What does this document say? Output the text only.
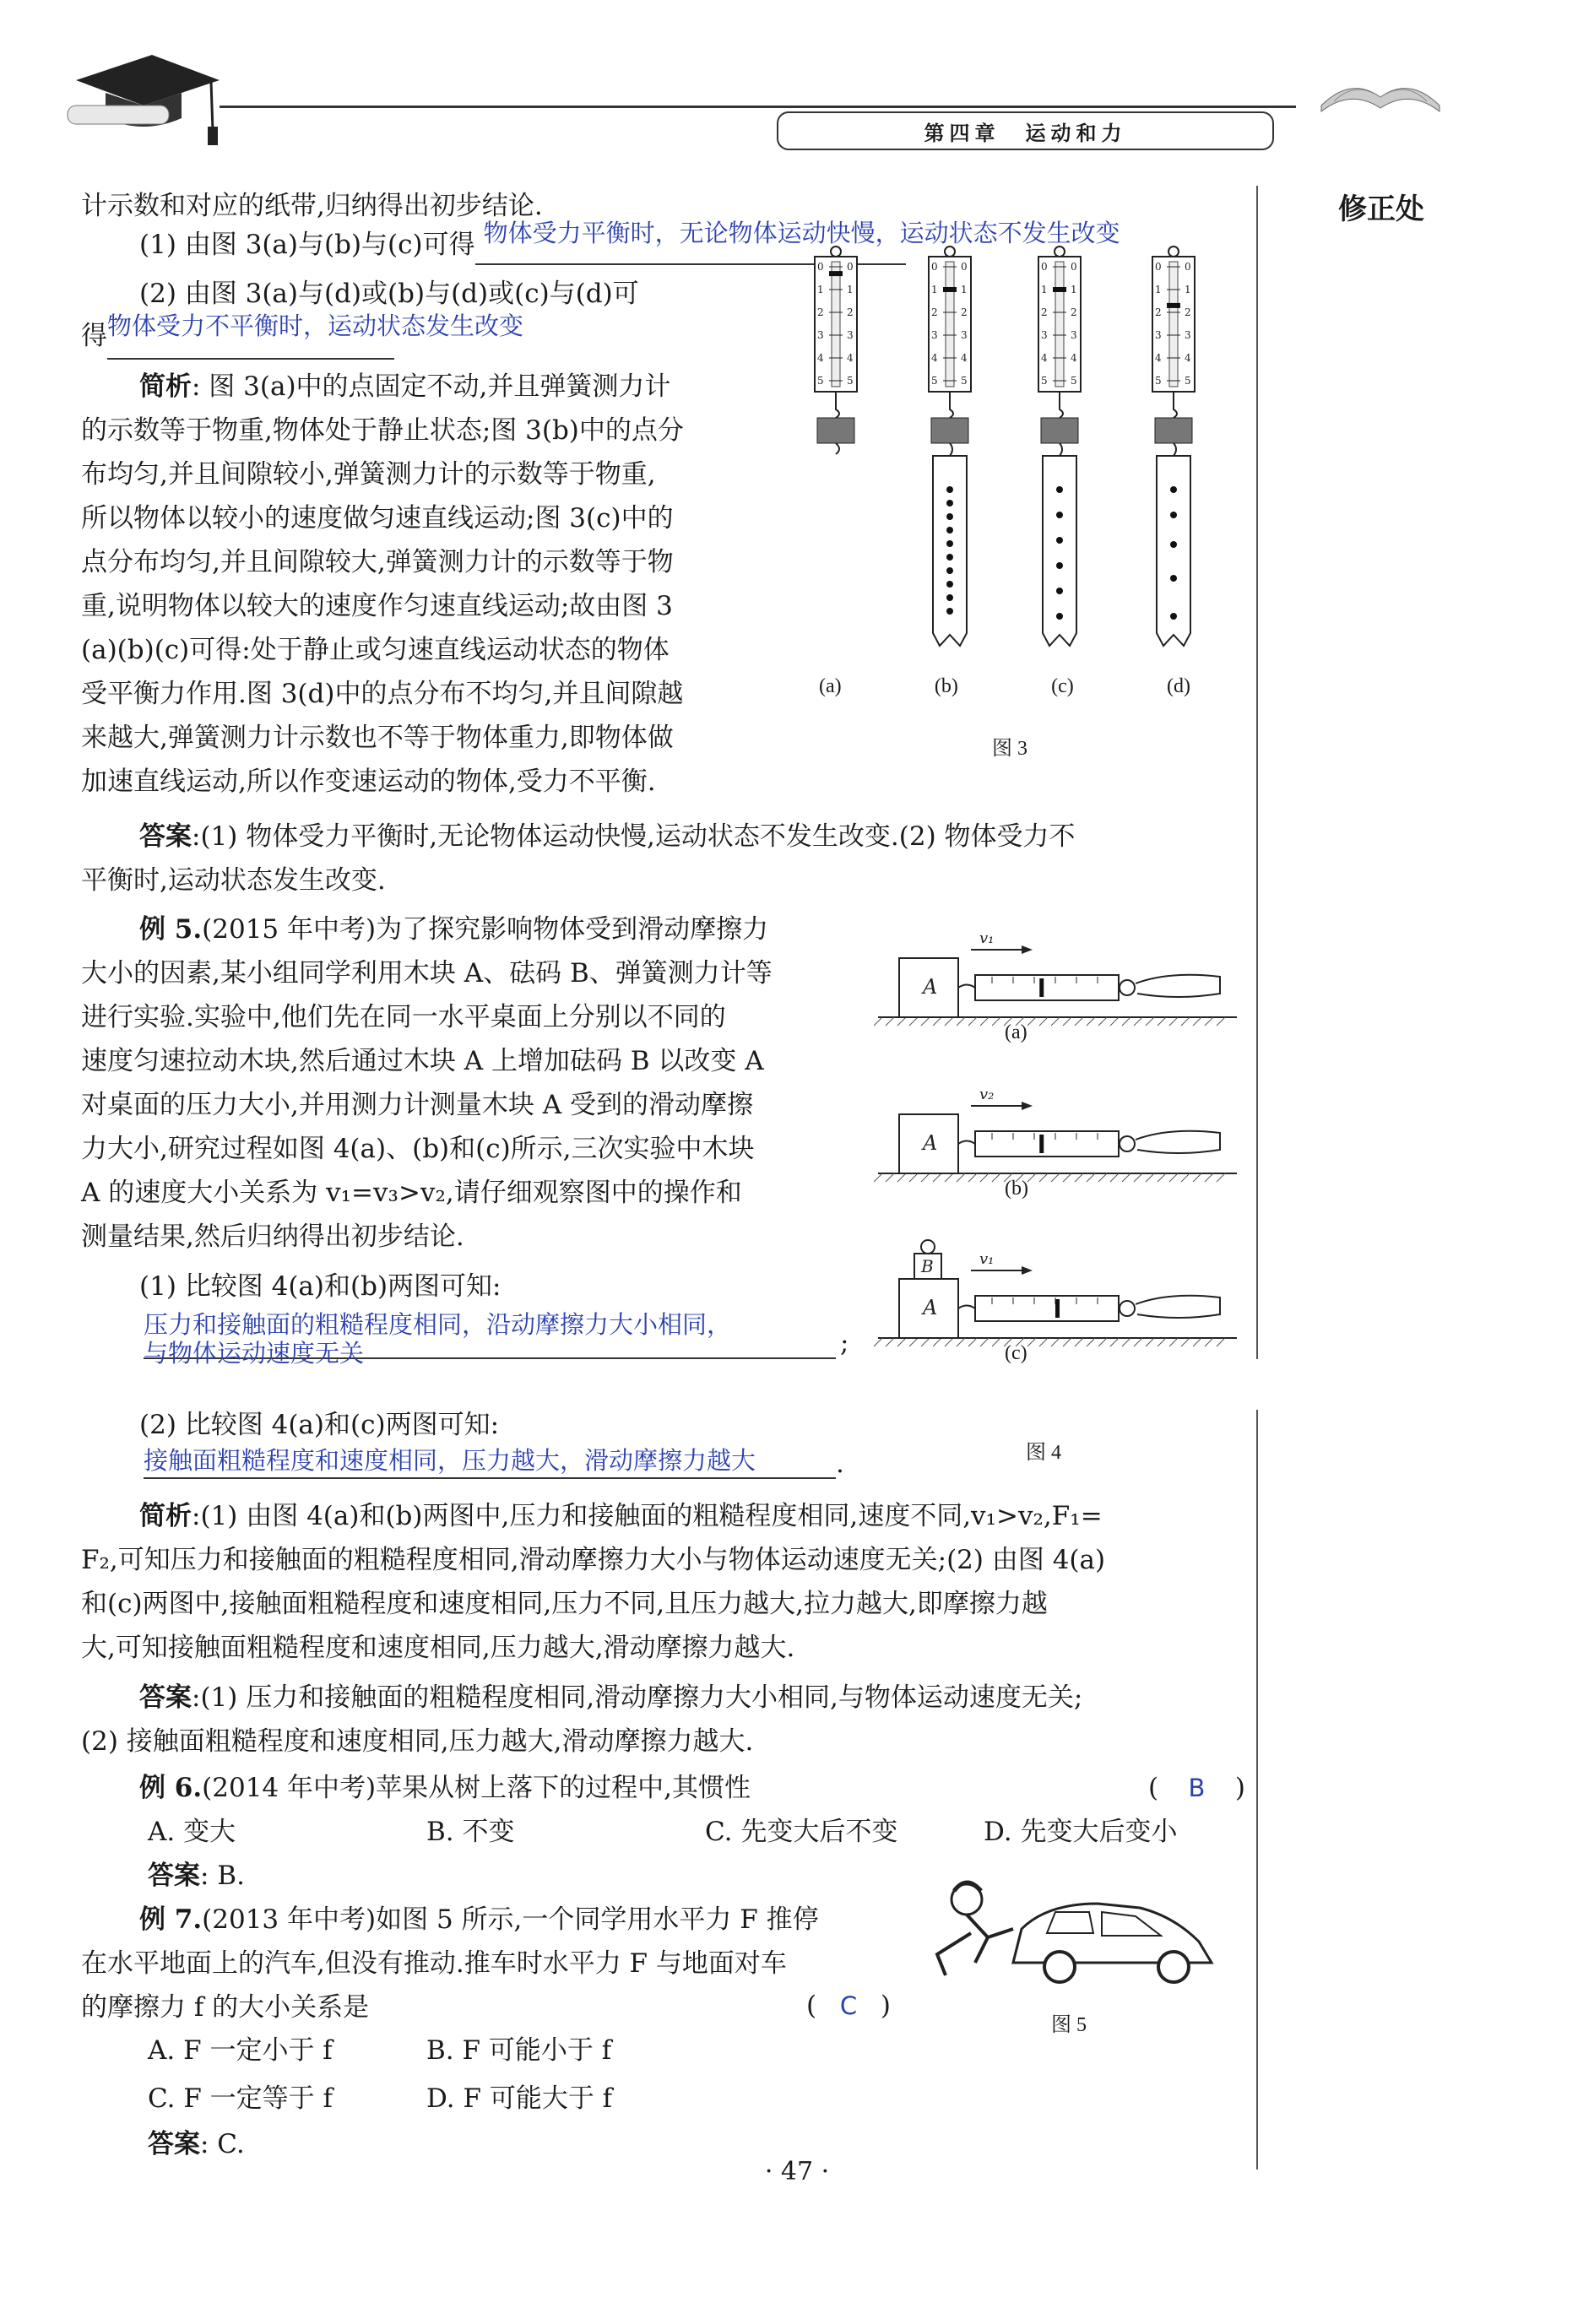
第四章　运动和力
修正处
计示数和对应的纸带,归纳得出初步结论.
(1) 由图 3(a)与(b)与(c)可得 物体受力平衡时，无论物体运动快慢，运动状态不发生改变

(2) 由图 3(a)与(d)或(b)与(d)或(c)与(d)可
得 物体受力不平衡时，运动状态发生改变

简析: 图 3(a)中的点固定不动,并且弹簧测力计
的示数等于物重,物体处于静止状态;图 3(b)中的点分
布均匀,并且间隙较小,弹簧测力计的示数等于物重,
所以物体以较小的速度做匀速直线运动;图 3(c)中的
点分布均匀,并且间隙较大,弹簧测力计的示数等于物
重,说明物体以较大的速度作匀速直线运动;故由图 3
(a)(b)(c)可得:处于静止或匀速直线运动状态的物体
受平衡力作用.图 3(d)中的点分布不均匀,并且间隙越
来越大,弹簧测力计示数也不等于物体重力,即物体做
加速直线运动,所以作变速运动的物体,受力不平衡.
0 0
1 1
2 2
3 3
4 4
5 5
0 0
1 1
2 2
3 3
4 4
5 5
0 0
1 1
2 2
3 3
4 4
5 5
0 0
1 1
2 2
3 3
4 4
5 5
(a)	(b)	(c)	(d)
图 3
答案:(1) 物体受力平衡时,无论物体运动快慢,运动状态不发生改变.(2) 物体受力不
平衡时,运动状态发生改变.
例 5.(2015 年中考)为了探究影响物体受到滑动摩擦力
大小的因素,某小组同学利用木块 A、砝码 B、弹簧测力计等
进行实验.实验中,他们先在同一水平桌面上分别以不同的
速度匀速拉动木块,然后通过木块 A 上增加砝码 B 以改变 A
对桌面的压力大小,并用测力计测量木块 A 受到的滑动摩擦
力大小,研究过程如图 4(a)、(b)和(c)所示,三次实验中木块
A 的速度大小关系为 v₁=v₃>v₂,请仔细观察图中的操作和
测量结果,然后归纳得出初步结论.
(1) 比较图 4(a)和(b)两图可知:
压力和接触面的粗糙程度相同，沿动摩擦力大小相同，
与物体运动速度无关	;
(2) 比较图 4(a)和(c)两图可知:
接触面粗糙程度和速度相同，压力越大，滑动摩擦力越大	.
A
v₁
A
v₂
A
B	v₁
(a)
(b)
(c)
图 4
简析:(1) 由图 4(a)和(b)两图中,压力和接触面的粗糙程度相同,速度不同,v₁>v₂,F₁=
F₂,可知压力和接触面的粗糙程度相同,滑动摩擦力大小与物体运动速度无关;(2) 由图 4(a)
和(c)两图中,接触面粗糙程度和速度相同,压力不同,且压力越大,拉力越大,即摩擦力越
大,可知接触面粗糙程度和速度相同,压力越大,滑动摩擦力越大.
答案:(1) 压力和接触面的粗糙程度相同,滑动摩擦力大小相同,与物体运动速度无关;
(2) 接触面粗糙程度和速度相同,压力越大,滑动摩擦力越大.
例 6.(2014 年中考)苹果从树上落下的过程中,其惯性	( B )
A. 变大	B. 不变	C. 先变大后不变	D. 先变大后变小
答案: B.
例 7.(2013 年中考)如图 5 所示,一个同学用水平力 F 推停
在水平地面上的汽车,但没有推动.推车时水平力 F 与地面对车
的摩擦力 f 的大小关系是	( C )
A. F 一定小于 f	B. F 可能小于 f
C. F 一定等于 f	D. F 可能大于 f
答案: C.
图 5
· 47 ·
